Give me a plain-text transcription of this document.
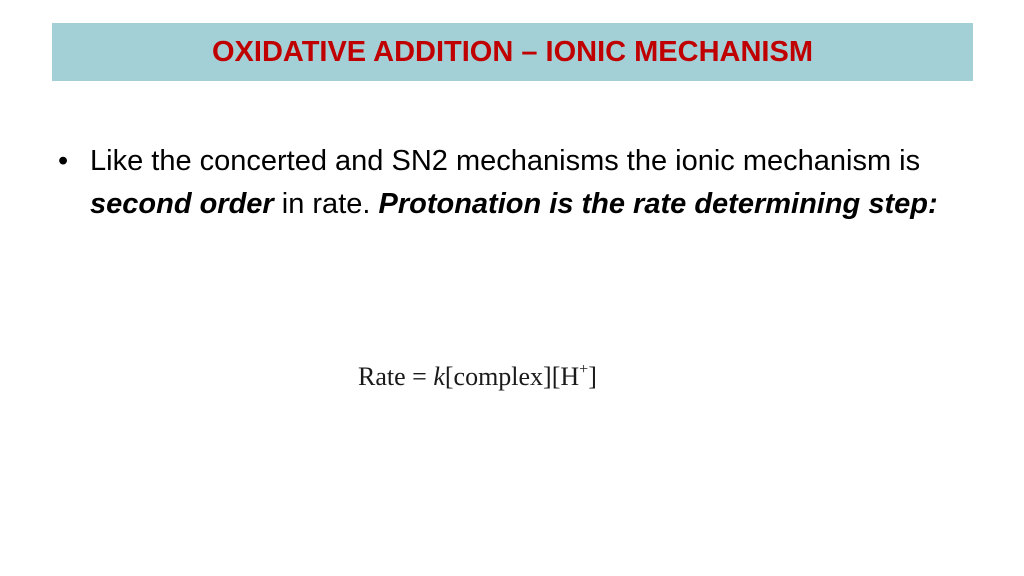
OXIDATIVE ADDITION – IONIC MECHANISM
• Like the concerted and SN2 mechanisms the ionic mechanism is second order in rate. Protonation is the rate determining step:
Rate = k[complex][H+]
